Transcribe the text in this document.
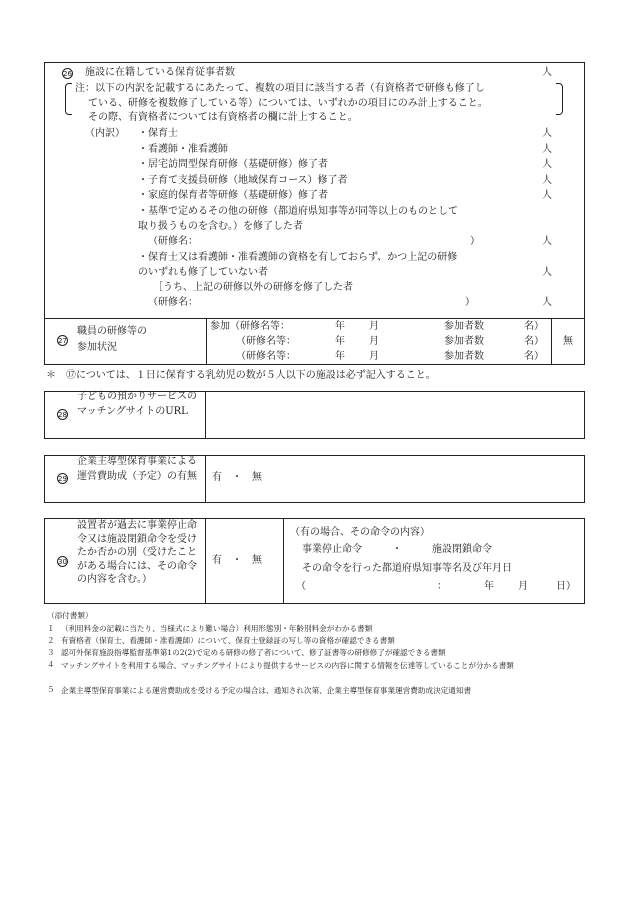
26 施設に在籍している保育従事者数	人
注：以下の内訳を記載するにあたって、複数の項目に該当する者（有資格者で研修も修了し
ている、研修を複数修了している等）については、いずれかの項目にのみ計上すること。
その際、有資格者については有資格者の欄に計上すること。
（内訳） ・保育士	人
・看護師・准看護師	人
・居宅訪問型保育研修（基礎研修）修了者	人
・子育て支援員研修（地域保育コース）修了者	人
・家庭的保育者等研修（基礎研修）修了者	人
・基準で定めるその他の研修（都道府県知事等が同等以上のものとして
取り扱うものを含む。）を修了した者
（研修名：	）	人
・保育士又は看護師・准看護師の資格を有しておらず、かつ上記の研修
のいずれも修了していない者	人
［うち、上記の研修以外の研修を修了した者
（研修名：	）	人
27
職員の研修等の
参加状況
参加（研修名等：	年 月	参加者数	名）
（研修名等：	年 月	参加者数	名）
（研修名等：	年 月	参加者数	名）
無
＊　⑰については、１日に保育する乳幼児の数が５人以下の施設は必ず記入すること。
28
子どもの預かりサービスのマッチングサイトのURL
29
企業主導型保育事業による運営費助成（予定）の有無	有　・　無
30
設置者が過去に事業停止命令又は施設閉鎖命令を受けたか否かの別（受けたことがある場合には、その命令の内容を含む。）
有　・　無
（有の場合、その命令の内容）
事業停止命令　　　・　　　施設閉鎖命令
その命令を行った都道府県知事等名及び年月日
（	：	年 月	日）
（添付書類）
１ （利用料金の記載に当たり、当様式により難い場合）利用形態別・年齢別料金がわかる書類
２ 有資格者（保育士、看護師・准看護師）について、保育士登録証の写し等の資格が確認できる書類
３ 認可外保育施設指導監督基準第1の2(2)で定める研修の修了者について、修了証書等の研修修了が確認できる書類
４ マッチングサイトを利用する場合、マッチングサイトにより提供するサービスの内容に関する情報を伝達等していることが分かる書類
５ 企業主導型保育事業による運営費助成を受ける予定の場合は、通知され次第、企業主導型保育事業運営費助成決定通知書
